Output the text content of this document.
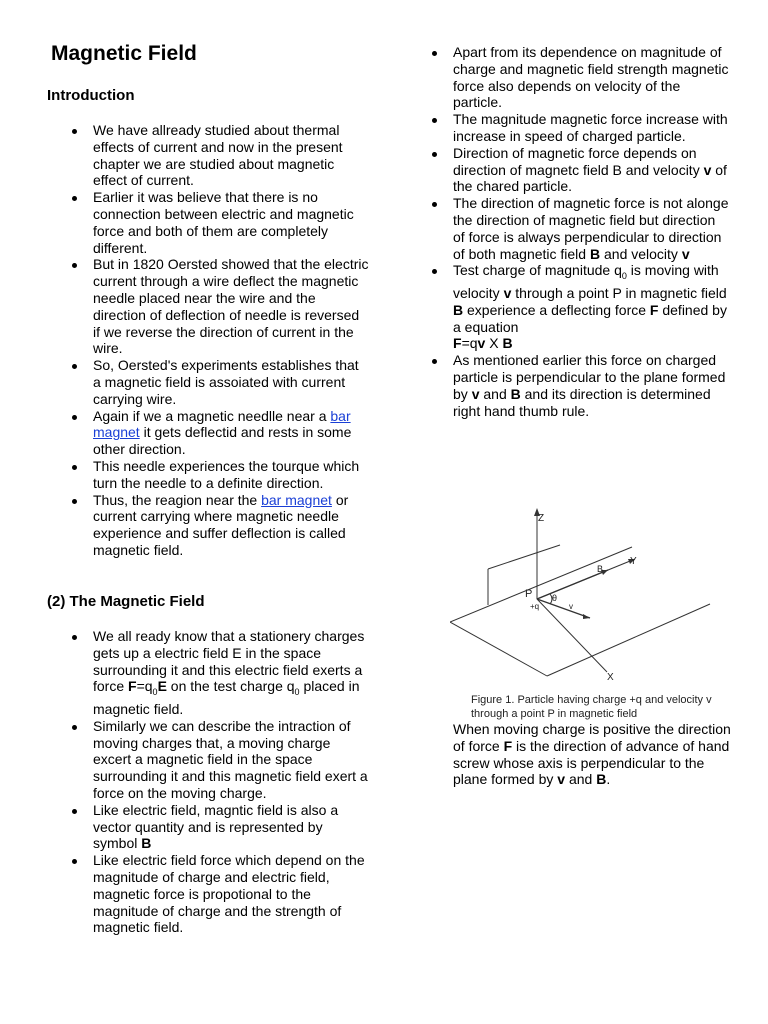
Magnetic Field
Introduction
We have allready studied about thermal effects of current and now in the present chapter we are studied about magnetic effect of current.
Earlier it was believe that there is no connection between electric and magnetic force and both of them are completely different.
But in 1820 Oersted showed that the electric current through a wire deflect the magnetic needle placed near the wire and the direction of deflection of needle is reversed if we reverse the direction of current in the wire.
So, Oersted's experiments establishes that a magnetic field is assoiated with current carrying wire.
Again if we a magnetic needlle near a bar magnet it gets deflectid and rests in some other direction.
This needle experiences the tourque which turn the needle to a definite direction.
Thus, the reagion near the bar magnet or current carrying where magnetic needle experience and suffer deflection is called magnetic field.
(2) The Magnetic Field
We all ready know that a stationery charges gets up a electric field E in the space surrounding it and this electric field exerts a force $F=q_0E$ on the test charge $q_0$ placed in magnetic field.
Similarly we can describe the intraction of moving charges that, a moving charge excert a magnetic field in the space surrounding it and this magnetic field exert a force on the moving charge.
Like electric field, magntic field is also a vector quantity and is represented by symbol B
Like electric field force which depend on the magnitude of charge and electric field, magnetic force is propotional to the magnitude of charge and the strength of magnetic field.
Apart from its dependence on magnitude of charge and magnetic field strength magnetic force also depends on velocity of the particle.
The magnitude magnetic force increase with increase in speed of charged particle.
Direction of magnetic force depends on direction of magnetc field B and velocity v of the chared particle.
The direction of magnetic force is not alonge the direction of magnetic field but direction of force is always perpendicular to direction of both magnetic field B and velocity v
Test charge of magnitude $q_0$ is moving with velocity v through a point P in magnetic field B experience a deflecting force F defined by a equation
F=qv X B
As mentioned earlier this force on charged particle is perpendicular to the plane formed by v and B and its direction is determined right hand thumb rule.
Z
Y
X
P
+q
θ
B
v
Figure 1. Particle having charge +q and velocity v through a point P in magnetic field

When moving charge is positive the direction of force F is the direction of advance of hand screw whose axis is perpendicular to the plane formed by v and B.
